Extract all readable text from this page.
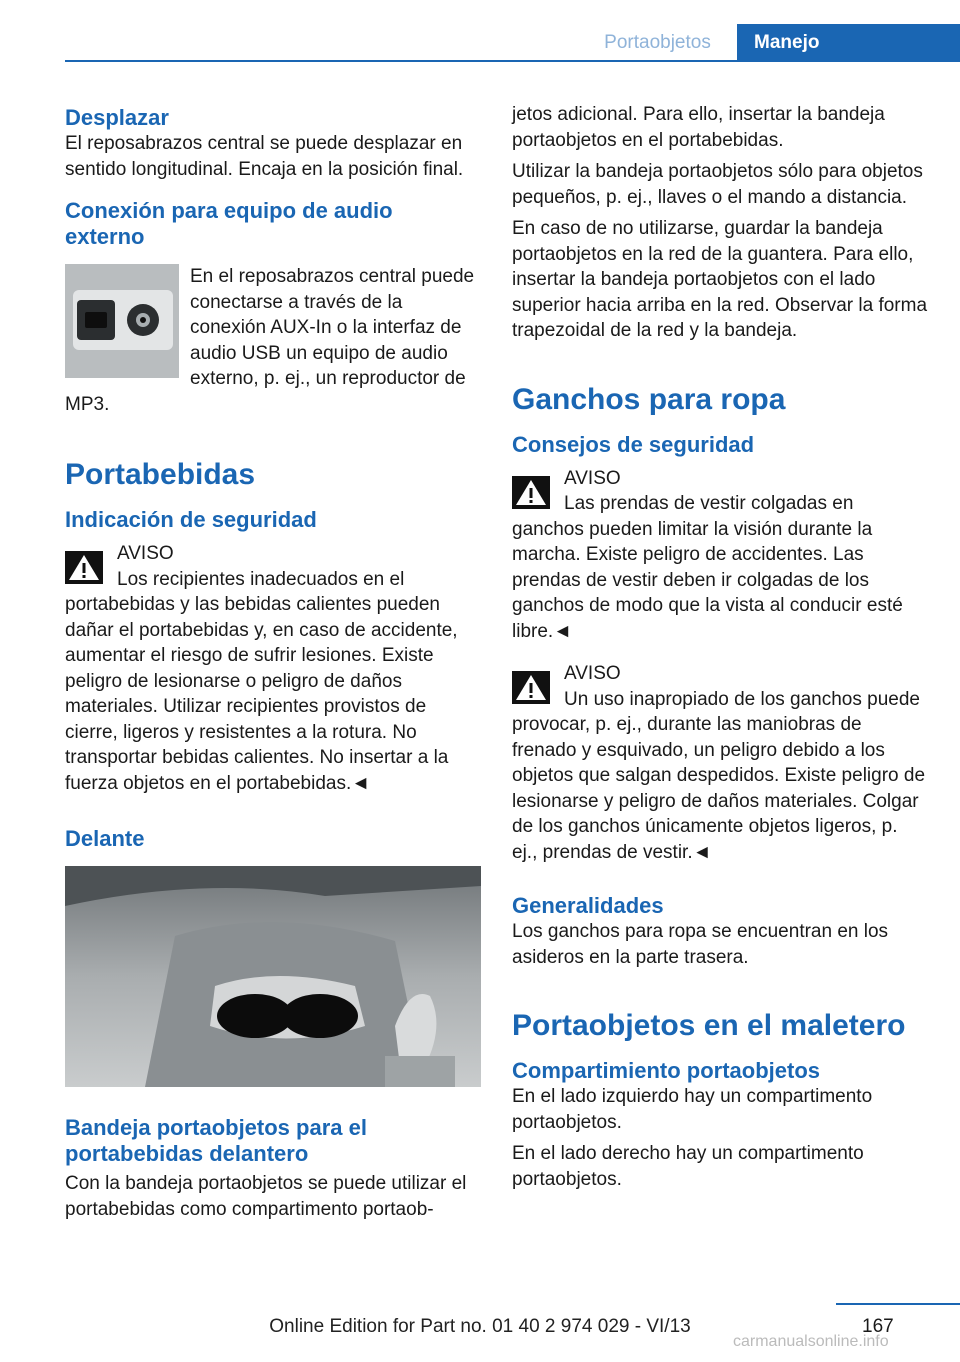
Portaobjetos	Manejo
Desplazar

El reposabrazos central se puede desplazar en sentido longitudinal. Encaja en la posición final.

Conexión para equipo de audio externo

En el reposabrazos central puede conectarse a través de la conexión AUX-In o la interfaz de audio USB un equipo de audio externo, p. ej., un reproductor de MP3.

Portabebidas
Indicación de seguridad

AVISO

Los recipientes inadecuados en el portabebidas y las bebidas calientes pueden dañar el portabebidas y, en caso de accidente, aumentar el riesgo de sufrir lesiones. Existe peligro de lesionarse o peligro de daños materiales. Utilizar recipientes provistos de cierre, ligeros y resistentes a la rotura. No transportar bebidas calientes. No insertar a la fuerza objetos en el portabebidas.◄

Delante
Bandeja portaobjetos para el portabebidas delantero

Con la bandeja portaobjetos se puede utilizar el portabebidas como compartimento portaob-

jetos adicional. Para ello, insertar la bandeja portaobjetos en el portabebidas.

Utilizar la bandeja portaobjetos sólo para objetos pequeños, p. ej., llaves o el mando a distancia.

En caso de no utilizarse, guardar la bandeja portaobjetos en la red de la guantera. Para ello, insertar la bandeja portaobjetos con el lado superior hacia arriba en la red. Observar la forma trapezoidal de la red y la bandeja.

Ganchos para ropa
Consejos de seguridad

AVISO

Las prendas de vestir colgadas en ganchos pueden limitar la visión durante la marcha. Existe peligro de accidentes. Las prendas de vestir deben ir colgadas de los ganchos de modo que la vista al conducir esté libre.◄

AVISO

Un uso inapropiado de los ganchos puede provocar, p. ej., durante las maniobras de frenado y esquivado, un peligro debido a los objetos que salgan despedidos. Existe peligro de lesionarse y peligro de daños materiales. Colgar de los ganchos únicamente objetos ligeros, p. ej., prendas de vestir.◄

Generalidades

Los ganchos para ropa se encuentran en los asideros en la parte trasera.

Portaobjetos en el maletero
Compartimiento portaobjetos

En el lado izquierdo hay un compartimento portaobjetos.

En el lado derecho hay un compartimento portaobjetos.

167
Online Edition for Part no. 01 40 2 974 029 - VI/13
carmanualsonline.info
